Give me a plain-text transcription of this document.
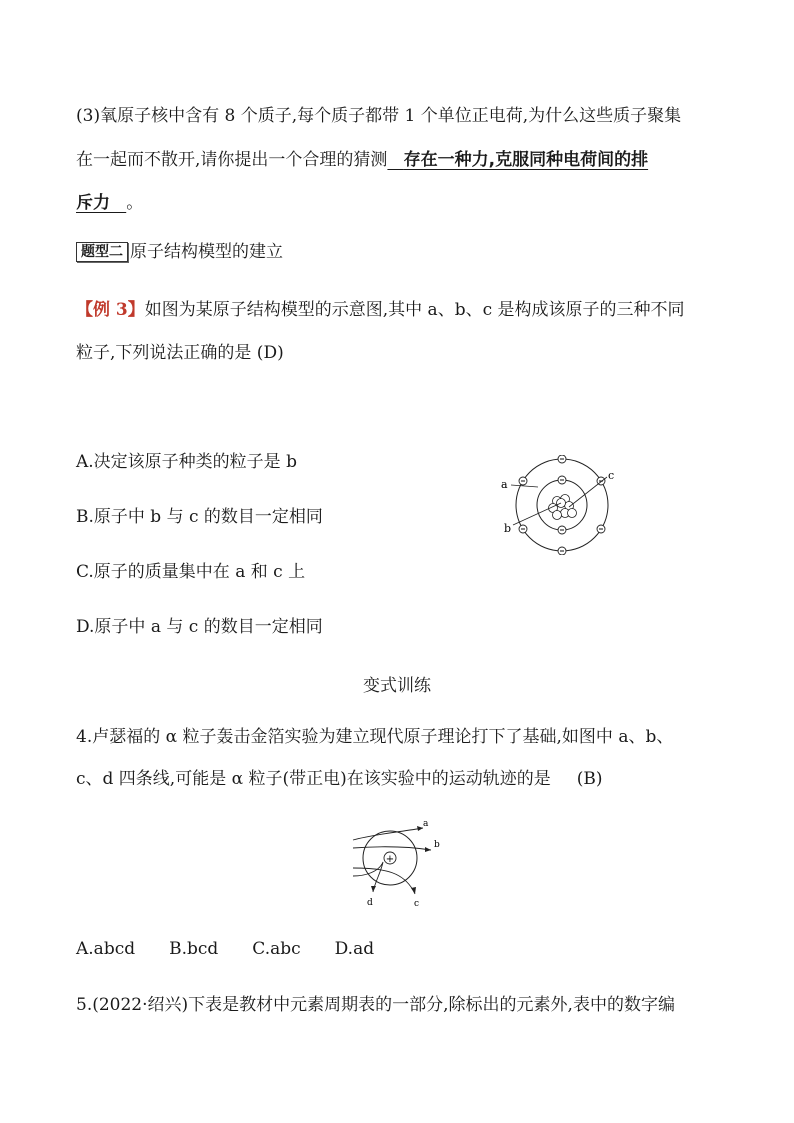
(3)氧原子核中含有 8 个质子,每个质子都带 1 个单位正电荷,为什么这些质子聚集
在一起而不散开,请你提出一个合理的猜测 存在一种力,克服同种电荷间的排
斥力 。
题型二 原子结构模型的建立
【例 3】如图为某原子结构模型的示意图,其中 a、b、c 是构成该原子的三种不同
粒子,下列说法正确的是 (D)
A.决定该原子种类的粒子是 b
B.原子中 b 与 c 的数目一定相同
C.原子的质量集中在 a 和 c 上
D.原子中 a 与 c 的数目一定相同
a
b
c
变式训练
4.卢瑟福的 α 粒子轰击金箔实验为建立现代原子理论打下了基础,如图中 a、b、
c、d 四条线,可能是 α 粒子(带正电)在该实验中的运动轨迹的是 (B)
+
a
b
c
d
A.abcd B.bcd C.abc D.ad
5.(2022·绍兴)下表是教材中元素周期表的一部分,除标出的元素外,表中的数字编
